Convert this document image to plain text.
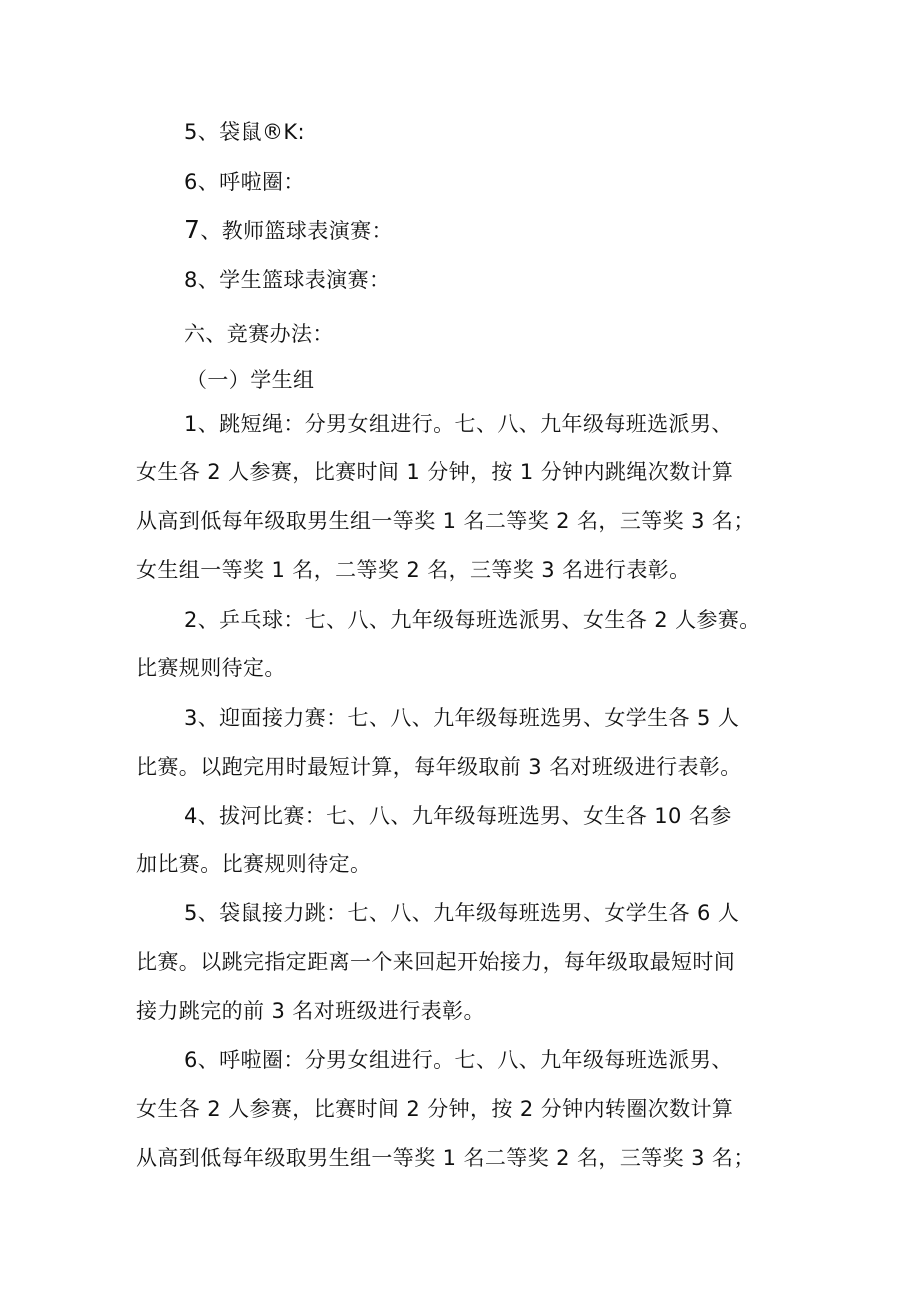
5、袋鼠®K:
6、呼啦圈：
7、教师篮球表演赛：
8、学生篮球表演赛：
六、竞赛办法：
（一）学生组
1、跳短绳：分男女组进行。七、八、九年级每班选派男、
女生各 2 人参赛，比赛时间 1 分钟，按 1 分钟内跳绳次数计算
从高到低每年级取男生组一等奖 1 名二等奖 2 名，三等奖 3 名；
女生组一等奖 1 名，二等奖 2 名，三等奖 3 名进行表彰。
2、乒乓球：七、八、九年级每班选派男、女生各 2 人参赛。
比赛规则待定。
3、迎面接力赛：七、八、九年级每班选男、女学生各 5 人
比赛。以跑完用时最短计算，每年级取前 3 名对班级进行表彰。
4、拔河比赛：七、八、九年级每班选男、女生各 10 名参
加比赛。比赛规则待定。
5、袋鼠接力跳：七、八、九年级每班选男、女学生各 6 人
比赛。以跳完指定距离一个来回起开始接力，每年级取最短时间
接力跳完的前 3 名对班级进行表彰。
6、呼啦圈：分男女组进行。七、八、九年级每班选派男、
女生各 2 人参赛，比赛时间 2 分钟，按 2 分钟内转圈次数计算
从高到低每年级取男生组一等奖 1 名二等奖 2 名，三等奖 3 名；
